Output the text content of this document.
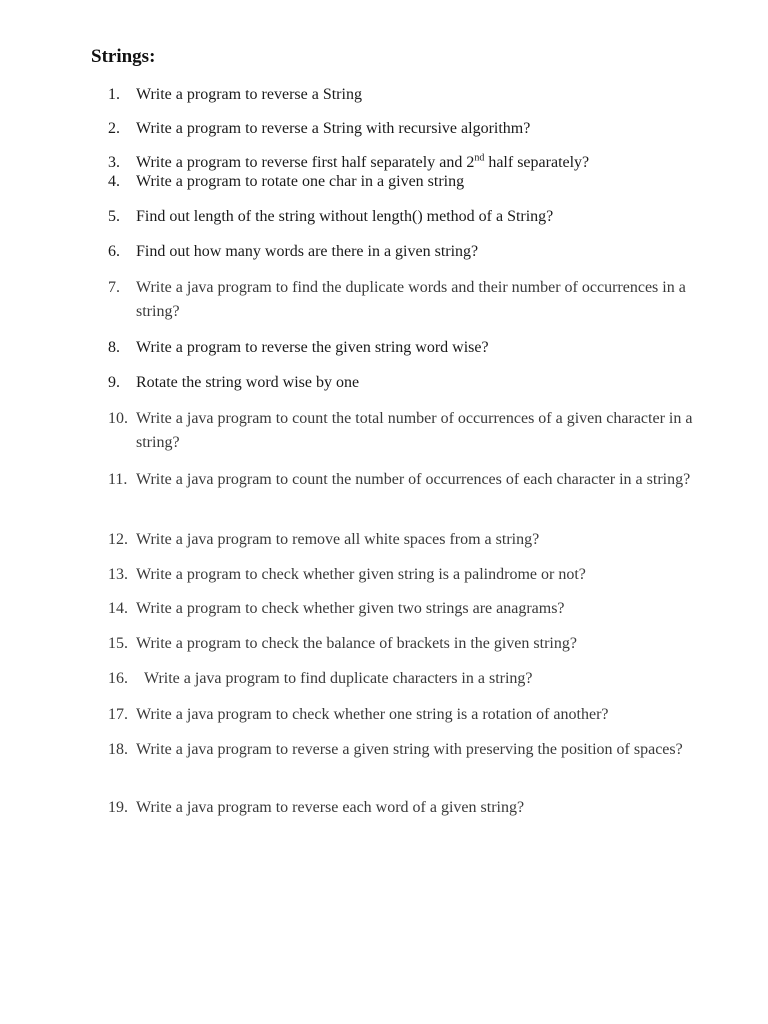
Strings:
1. Write a program to reverse a String
2. Write a program to reverse a String with recursive algorithm?
3. Write a program to reverse first half separately and 2nd half separately?
4. Write a program to rotate one char in a given string
5. Find out length of the string without length() method of a String?
6. Find out how many words are there in a given string?
7. Write a java program to find the duplicate words and their number of occurrences in a string?
8. Write a program to reverse the given string word wise?
9. Rotate the string word wise by one
10. Write a java program to count the total number of occurrences of a given character in a string?
11. Write a java program to count the number of occurrences of each character in a string?
12. Write a java program to remove all white spaces from a string?
13. Write a program to check whether given string is a palindrome or not?
14. Write a program to check whether given two strings are anagrams?
15. Write a program to check the balance of brackets in the given string?
16. Write a java program to find duplicate characters in a string?
17. Write a java program to check whether one string is a rotation of another?
18. Write a java program to reverse a given string with preserving the position of spaces?
19. Write a java program to reverse each word of a given string?
